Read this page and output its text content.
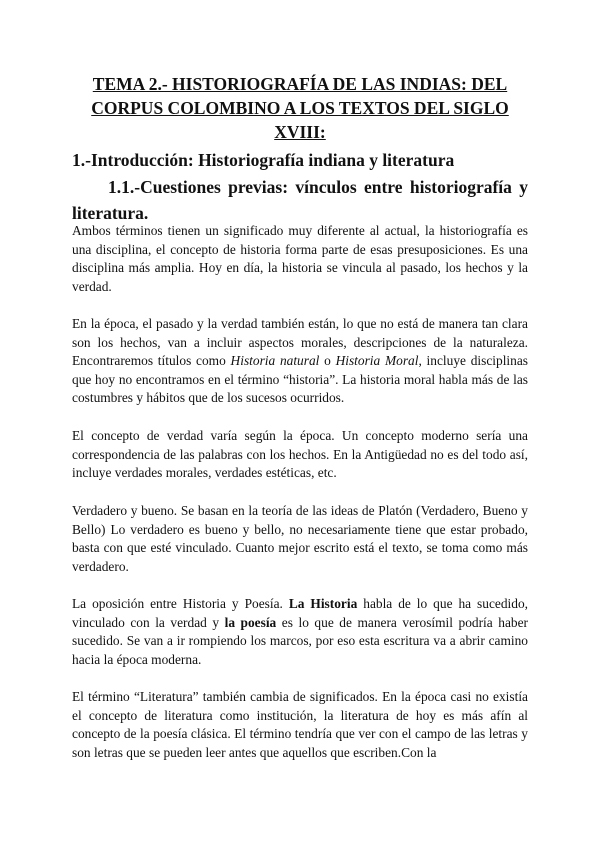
TEMA 2.- HISTORIOGRAFÍA DE LAS INDIAS: DEL CORPUS COLOMBINO A LOS TEXTOS DEL SIGLO XVIII:
1.-Introducción: Historiografía indiana y literatura
1.1.-Cuestiones previas: vínculos entre historiografía y literatura.

Ambos términos tienen un significado muy diferente al actual, la historiografía es una disciplina, el concepto de historia forma parte de esas presuposiciones. Es una disciplina más amplia. Hoy en día, la historia se vincula al pasado, los hechos y la verdad.

En la época, el pasado y la verdad también están, lo que no está de manera tan clara son los hechos, van a incluir aspectos morales, descripciones de la naturaleza. Encontraremos títulos como Historia natural o Historia Moral, incluye disciplinas que hoy no encontramos en el término “historia”. La historia moral habla más de las costumbres y hábitos que de los sucesos ocurridos.

El concepto de verdad varía según la época. Un concepto moderno sería una correspondencia de las palabras con los hechos. En la Antigüedad no es del todo así, incluye verdades morales, verdades estéticas, etc.

Verdadero y bueno. Se basan en la teoría de las ideas de Platón (Verdadero, Bueno y Bello) Lo verdadero es bueno y bello, no necesariamente tiene que estar probado, basta con que esté vinculado. Cuanto mejor escrito está el texto, se toma como más verdadero.

La oposición entre Historia y Poesía. La Historia habla de lo que ha sucedido, vinculado con la verdad y la poesía es lo que de manera verosímil podría haber sucedido. Se van a ir rompiendo los marcos, por eso esta escritura va a abrir camino hacia la época moderna.

El término “Literatura” también cambia de significados. En la época casi no existía el concepto de literatura como institución, la literatura de hoy es más afín al concepto de la poesía clásica. El término tendría que ver con el campo de las letras y son letras que se pueden leer antes que aquellos que escriben.Con la
